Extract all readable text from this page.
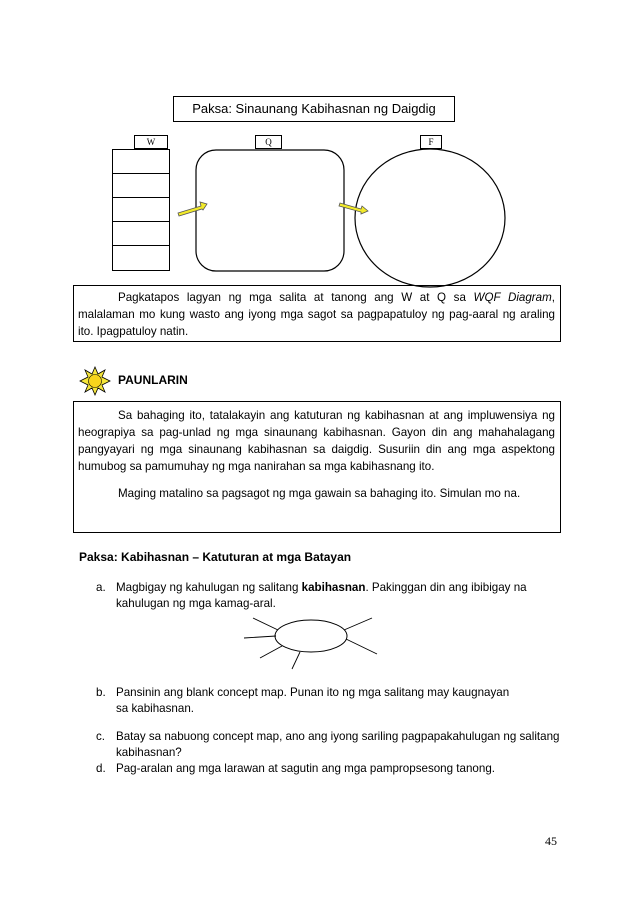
Paksa: Sinaunang Kabihasnan ng Daigdig
W	Q	F

Pagkatapos lagyan ng mga salita at tanong ang W at Q sa WQF Diagram, malalaman mo kung wasto ang iyong mga sagot sa pagpapatuloy ng pag-aaral ng araling ito. Ipagpatuloy natin.

PAUNLARIN

Sa bahaging ito, tatalakayin ang katuturan ng kabihasnan at ang impluwensiya ng heograpiya sa pag-unlad ng mga sinaunang kabihasnan. Gayon din ang mahahalagang pangyayari ng mga sinaunang kabihasnan sa daigdig. Susuriin din ang mga aspektong humubog sa pamumuhay ng mga nanirahan sa mga kabihasnang ito.

Maging matalino sa pagsagot ng mga gawain sa bahaging ito. Simulan mo na.

Paksa: Kabihasnan – Katuturan at mga Batayan
a. Magbigay ng kahulugan ng salitang kabihasnan. Pakinggan din ang ibibigay na kahulugan ng mga kamag-aral.
b. Pansinin ang blank concept map. Punan ito ng mga salitang may kaugnayan sa kabihasnan.
c. Batay sa nabuong concept map, ano ang iyong sariling pagpapakahulugan ng salitang kabihasnan?
d. Pag-aralan ang mga larawan at sagutin ang mga pampropsesong tanong.
45
